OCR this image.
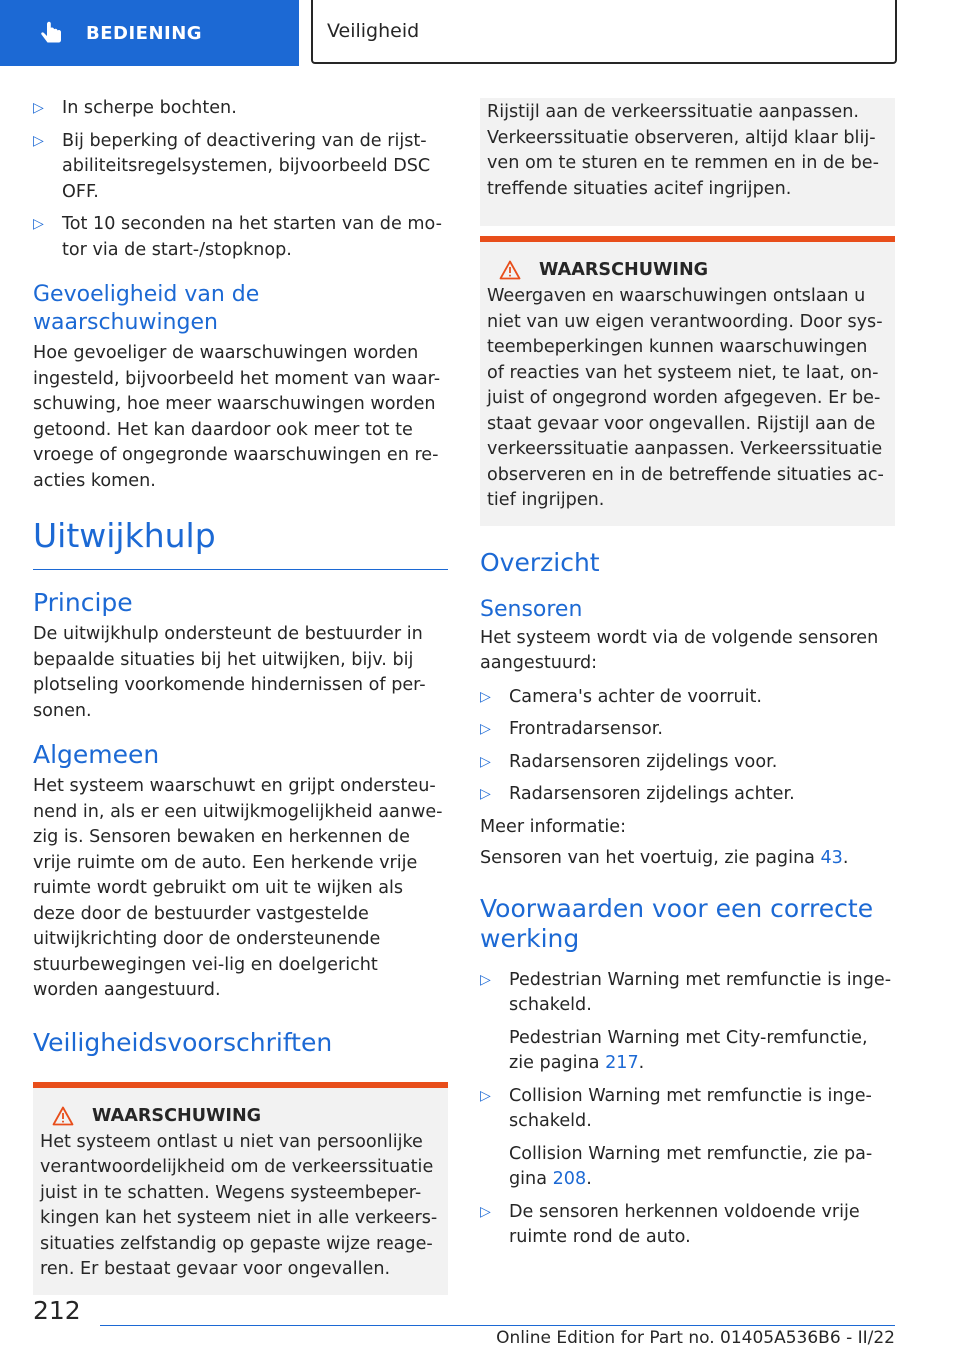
BEDIENING	Veiligheid
▷ In scherpe bochten.
▷ Bij beperking of deactivering van de rijst-abiliteitsregelsystemen, bijvoorbeeld DSC OFF.
▷ Tot 10 seconden na het starten van de mo-tor via de start-/stopknop.
Gevoeligheid van de waarschuwingen

Hoe gevoeliger de waarschuwingen worden ingesteld, bijvoorbeeld het moment van waar-schuwing, hoe meer waarschuwingen worden getoond. Het kan daardoor ook meer tot te vroege of ongegronde waarschuwingen en re-acties komen.

Uitwijkhulp
Principe

De uitwijkhulp ondersteunt de bestuurder in bepaalde situaties bij het uitwijken, bijv. bij plotseling voorkomende hindernissen of per-sonen.

Algemeen

Het systeem waarschuwt en grijpt ondersteu-nend in, als er een uitwijkmogelijkheid aanwe-zig is. Sensoren bewaken en herkennen de vrije ruimte om de auto. Een herkende vrije ruimte wordt gebruikt om uit te wijken als deze door de bestuurder vastgestelde uitwijkrichting door de ondersteunende stuurbewegingen vei-lig en doelgericht worden aangestuurd.

Veiligheidsvoorschriften
WAARSCHUWING

Het systeem ontlast u niet van persoonlijke verantwoordelijkheid om de verkeerssituatie juist in te schatten. Wegens systeembeper-kingen kan het systeem niet in alle verkeers-situaties zelfstandig op gepaste wijze reage-ren. Er bestaat gevaar voor ongevallen.

Rijstijl aan de verkeerssituatie aanpassen. Verkeerssituatie observeren, altijd klaar blij-ven om te sturen en te remmen en in de be-treffende situaties acitef ingrijpen.

WAARSCHUWING

Weergaven en waarschuwingen ontslaan u niet van uw eigen verantwoording. Door sys-teembeperkingen kunnen waarschuwingen of reacties van het systeem niet, te laat, on-juist of ongegrond worden afgegeven. Er be-staat gevaar voor ongevallen. Rijstijl aan de verkeerssituatie aanpassen. Verkeerssituatie observeren en in de betreffende situaties ac-tief ingrijpen.

Overzicht
Sensoren

Het systeem wordt via de volgende sensoren aangestuurd:

▷ Camera's achter de voorruit.
▷ Frontradarsensor.
▷ Radarsensoren zijdelings voor.
▷ Radarsensoren zijdelings achter.

Meer informatie:

Sensoren van het voertuig, zie pagina 43.

Voorwaarden voor een correcte werking
▷ Pedestrian Warning met remfunctie is inge-schakeld.
Pedestrian Warning met City-remfunctie, zie pagina 217.
▷ Collision Warning met remfunctie is inge-schakeld.
Collision Warning met remfunctie, zie pa-gina 208.
▷ De sensoren herkennen voldoende vrije ruimte rond de auto.
212
Online Edition for Part no. 01405A536B6 - II/22
